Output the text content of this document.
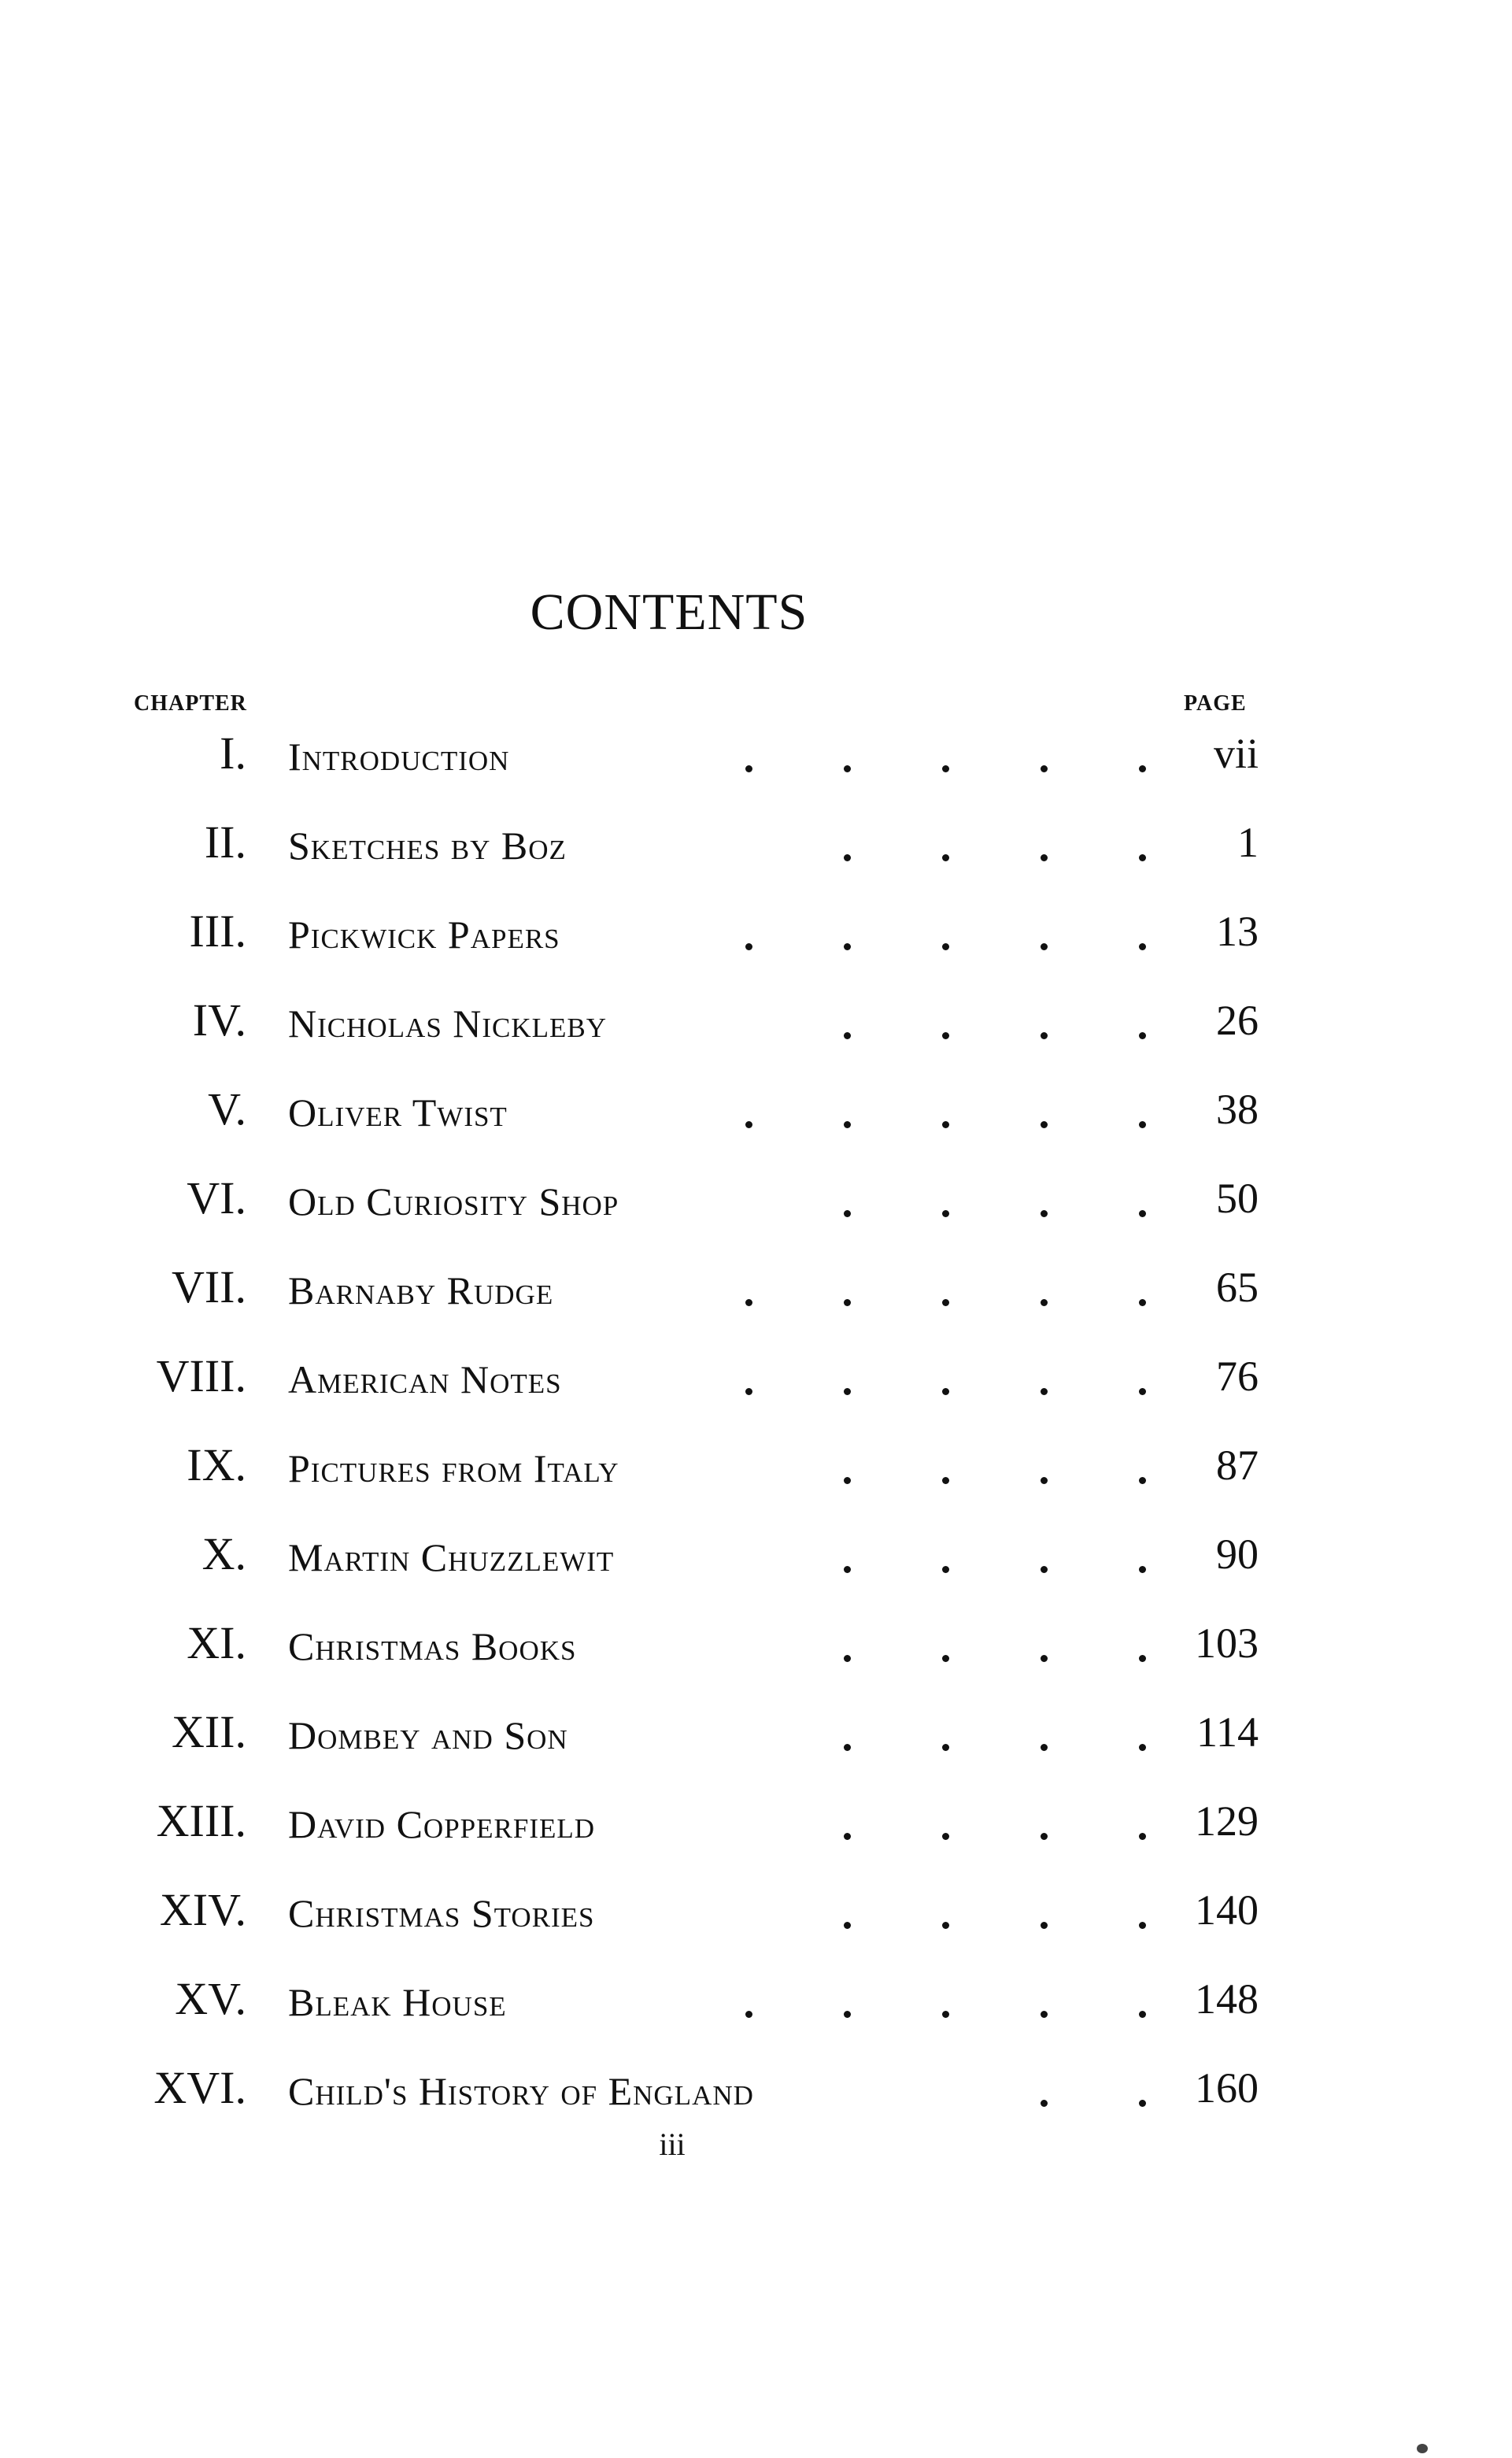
CONTENTS
CHAPTER	PAGE
I. Introduction	vii
II. Sketches by Boz	1
III. Pickwick Papers	13
IV. Nicholas Nickleby	26
V. Oliver Twist	38
VI. Old Curiosity Shop	50
VII. Barnaby Rudge	65
VIII. American Notes	76
IX. Pictures from Italy	87
X. Martin Chuzzlewit	90
XI. Christmas Books	103
XII. Dombey and Son	114
XIII. David Copperfield	129
XIV. Christmas Stories	140
XV. Bleak House	148
XVI. Child's History of England	160
iii
